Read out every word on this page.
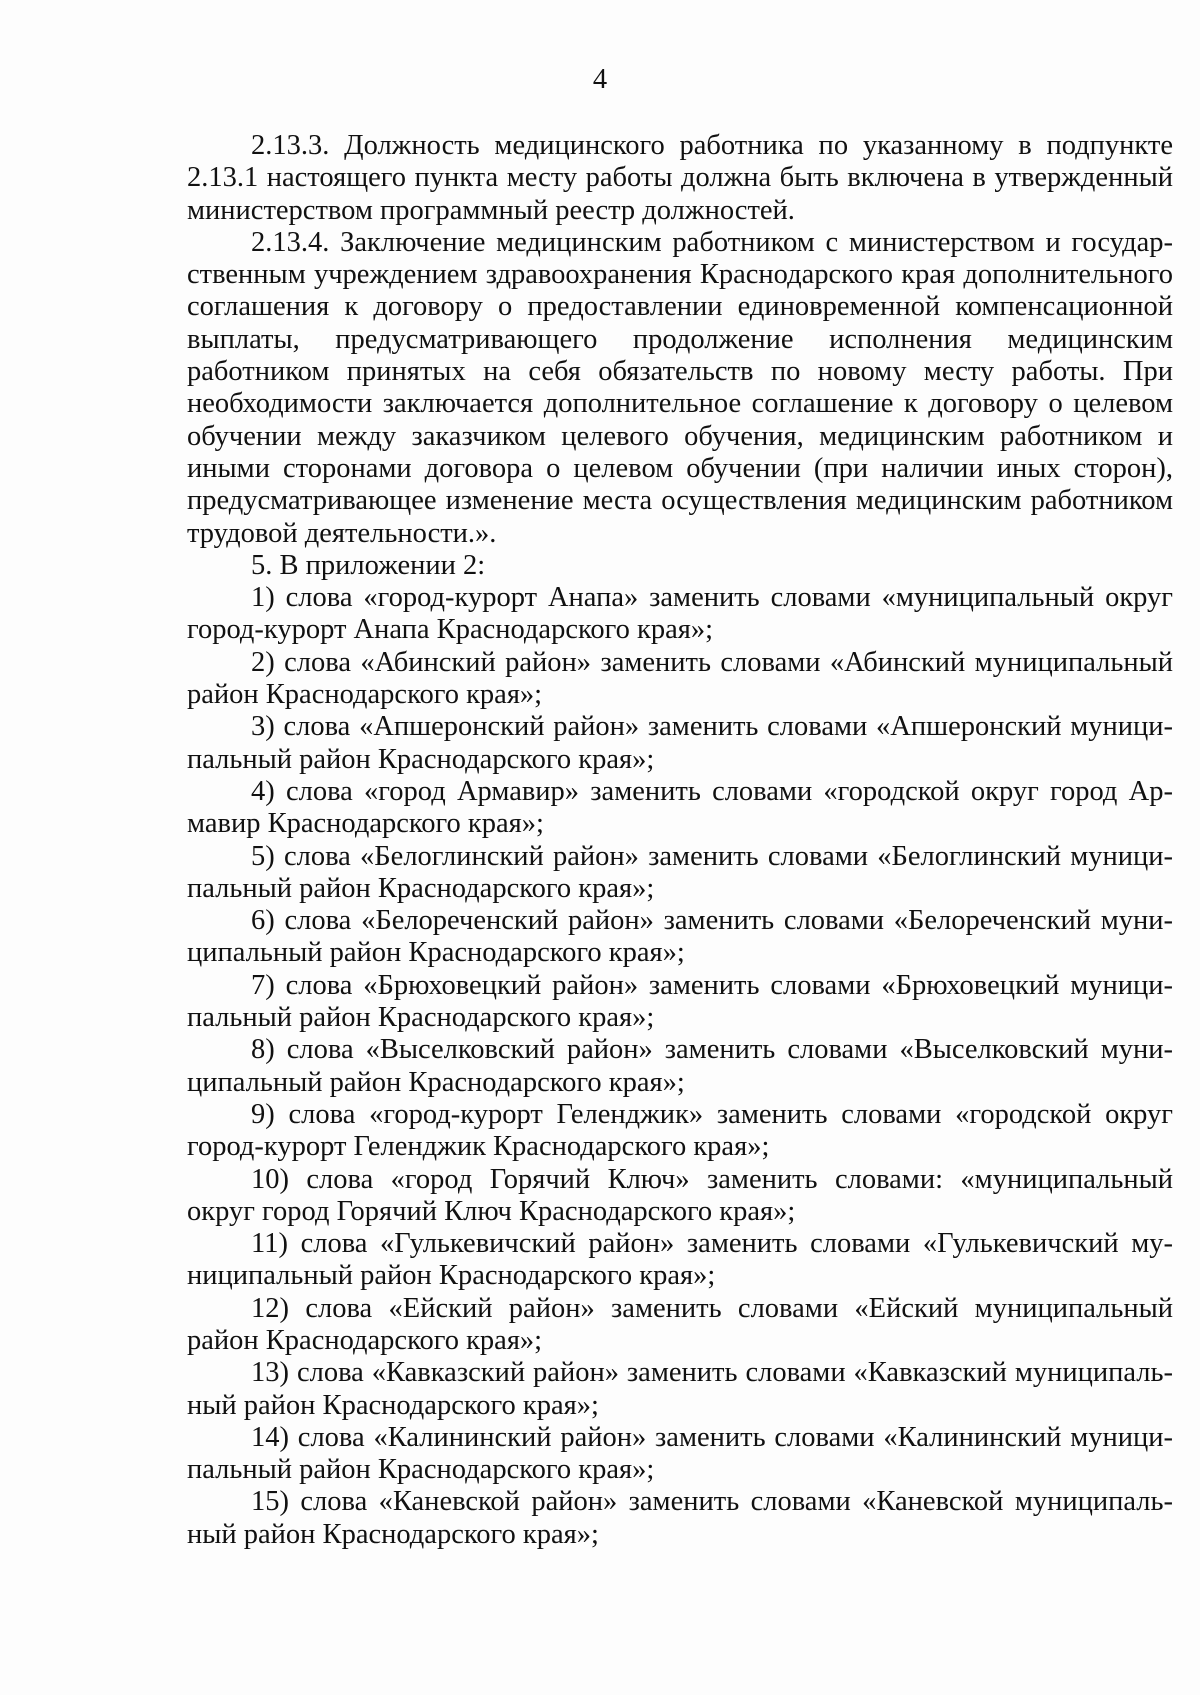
4

2.13.3. Должность медицинского работника по указанному в подпункте 2.13.1 настоящего пункта месту работы должна быть включена в утвержденный министерством программный реестр должностей.

2.13.4. Заключение медицинским работником с министерством и государственным учреждением здравоохранения Краснодарского края дополнительного соглашения к договору о предоставлении единовременной компенсационной выплаты, предусматривающего продолжение исполнения медицинским работником принятых на себя обязательств по новому месту работы. При необходимости заключается дополнительное соглашение к договору о целевом обучении между заказчиком целевого обучения, медицинским работником и иными сторонами договора о целевом обучении (при наличии иных сторон), предусматривающее изменение места осуществления медицинским работником трудовой деятельности.».

5. В приложении 2:

1) слова «город-курорт Анапа» заменить словами «муниципальный округ город-курорт Анапа Краснодарского края»;

2) слова «Абинский район» заменить словами «Абинский муниципальный район Краснодарского края»;

3) слова «Апшеронский район» заменить словами «Апшеронский муниципальный район Краснодарского края»;

4) слова «город Армавир» заменить словами «городской округ город Армавир Краснодарского края»;

5) слова «Белоглинский район» заменить словами «Белоглинский муниципальный район Краснодарского края»;

6) слова «Белореченский район» заменить словами «Белореченский муниципальный район Краснодарского края»;

7) слова «Брюховецкий район» заменить словами «Брюховецкий муниципальный район Краснодарского края»;

8) слова «Выселковский район» заменить словами «Выселковский муниципальный район Краснодарского края»;

9) слова «город-курорт Геленджик» заменить словами «городской округ город-курорт Геленджик Краснодарского края»;

10) слова «город Горячий Ключ» заменить словами: «муниципальный округ город Горячий Ключ Краснодарского края»;

11) слова «Гулькевичский район» заменить словами «Гулькевичский муниципальный район Краснодарского края»;

12) слова «Ейский район» заменить словами «Ейский муниципальный район Краснодарского края»;

13) слова «Кавказский район» заменить словами «Кавказский муниципальный район Краснодарского края»;

14) слова «Калининский район» заменить словами «Калининский муниципальный район Краснодарского края»;

15) слова «Каневской район» заменить словами «Каневской муниципальный район Краснодарского края»;
